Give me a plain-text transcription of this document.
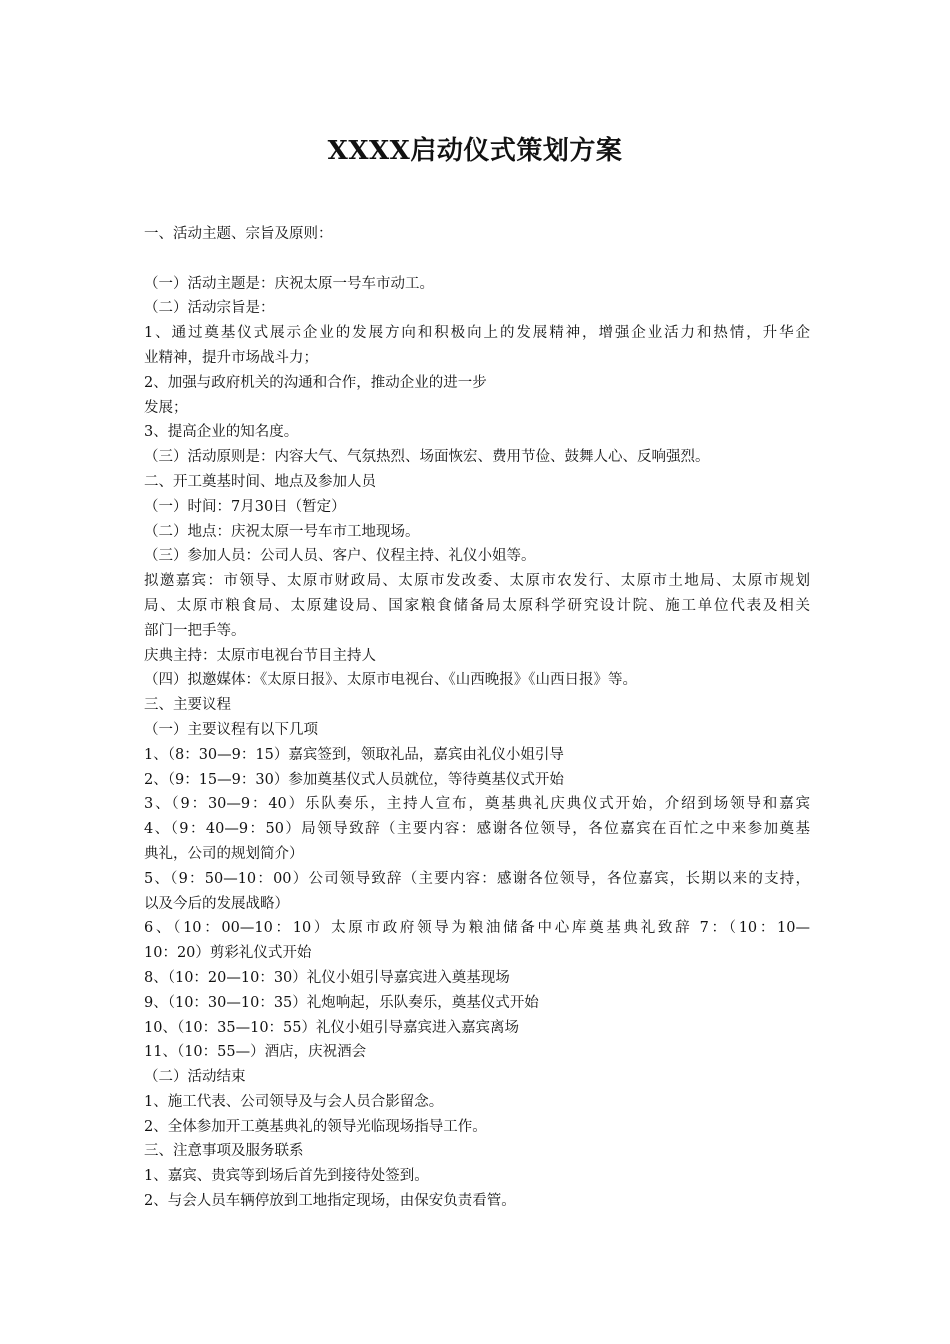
XXXX启动仪式策划方案
一、活动主题、宗旨及原则：
（一）活动主题是：庆祝太原一号车市动工。
（二）活动宗旨是：
1、通过奠基仪式展示企业的发展方向和积极向上的发展精神，增强企业活力和热情，升华企
业精神，提升市场战斗力；
2、加强与政府机关的沟通和合作，推动企业的进一步
发展；
3、提高企业的知名度。
（三）活动原则是：内容大气、气氛热烈、场面恢宏、费用节俭、鼓舞人心、反响强烈。
二、开工奠基时间、地点及参加人员
（一）时间：7月30日（暂定）
（二）地点：庆祝太原一号车市工地现场。
（三）参加人员：公司人员、客户、仪程主持、礼仪小姐等。
拟邀嘉宾：市领导、太原市财政局、太原市发改委、太原市农发行、太原市土地局、太原市规划
局、太原市粮食局、太原建设局、国家粮食储备局太原科学研究设计院、施工单位代表及相关
部门一把手等。
庆典主持：太原市电视台节目主持人
（四）拟邀媒体：《太原日报》、太原市电视台、《山西晚报》《山西日报》等。
三、主要议程
（一）主要议程有以下几项
1、（8：30—9：15）嘉宾签到，领取礼品，嘉宾由礼仪小姐引导
2、（9：15—9：30）参加奠基仪式人员就位，等待奠基仪式开始
3、（9：30—9：40）乐队奏乐，主持人宣布，奠基典礼庆典仪式开始，介绍到场领导和嘉宾
4、（9：40—9：50）局领导致辞（主要内容：感谢各位领导，各位嘉宾在百忙之中来参加奠基
典礼，公司的规划简介）
5、（9：50—10：00）公司领导致辞（主要内容：感谢各位领导，各位嘉宾，长期以来的支持，
以及今后的发展战略）
6、（10：00—10：10）太原市政府领导为粮油储备中心库奠基典礼致辞 7：（10：10—
10：20）剪彩礼仪式开始
8、（10：20—10：30）礼仪小姐引导嘉宾进入奠基现场
9、（10：30—10：35）礼炮响起，乐队奏乐，奠基仪式开始
10、（10：35—10：55）礼仪小姐引导嘉宾进入嘉宾离场
11、（10：55—）酒店，庆祝酒会
（二）活动结束
1、施工代表、公司领导及与会人员合影留念。
2、全体参加开工奠基典礼的领导光临现场指导工作。
三、注意事项及服务联系
1、嘉宾、贵宾等到场后首先到接待处签到。
2、与会人员车辆停放到工地指定现场，由保安负责看管。
